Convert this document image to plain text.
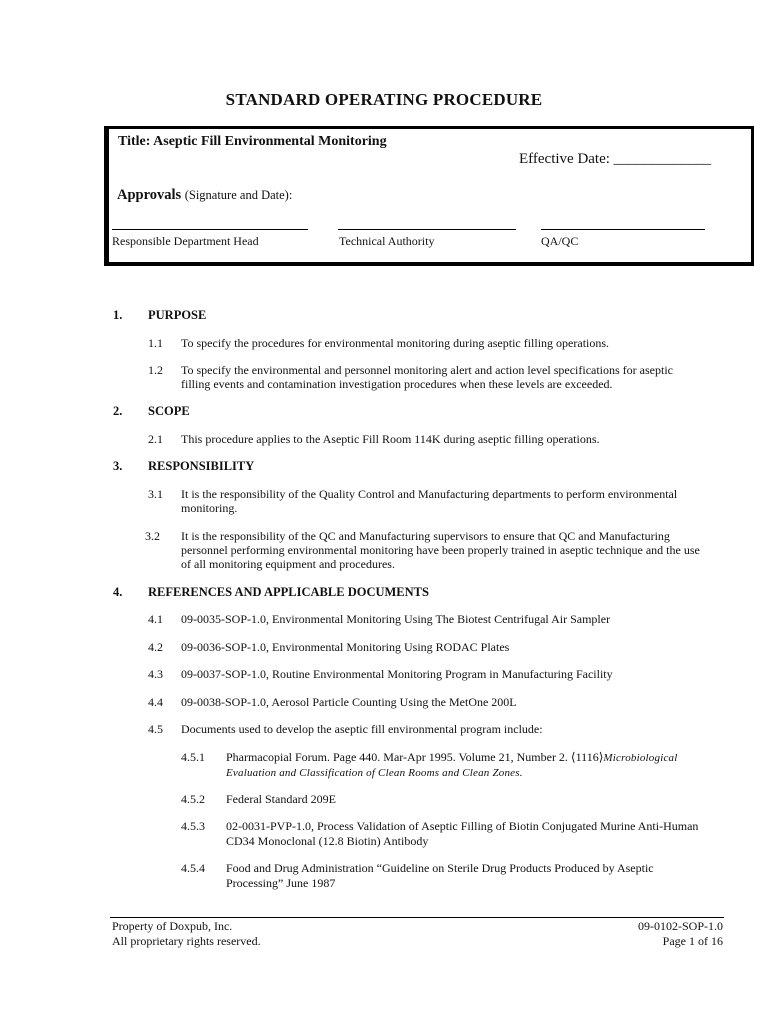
STANDARD OPERATING PROCEDURE
Title: Aseptic Fill Environmental Monitoring
Effective Date: _____________
Approvals (Signature and Date):
Responsible Department Head	Technical Authority	QA/QC
1. PURPOSE
1.1 To specify the procedures for environmental monitoring during aseptic filling operations.
1.2 To specify the environmental and personnel monitoring alert and action level specifications for aseptic
filling events and contamination investigation procedures when these levels are exceeded.
2. SCOPE
2.1 This procedure applies to the Aseptic Fill Room 114K during aseptic filling operations.
3. RESPONSIBILITY
3.1 It is the responsibility of the Quality Control and Manufacturing departments to perform environmental
monitoring.
3.2 It is the responsibility of the QC and Manufacturing supervisors to ensure that QC and Manufacturing
personnel performing environmental monitoring have been properly trained in aseptic technique and the use
of all monitoring equipment and procedures.
4. REFERENCES AND APPLICABLE DOCUMENTS
4.1 09-0035-SOP-1.0, Environmental Monitoring Using The Biotest Centrifugal Air Sampler
4.2 09-0036-SOP-1.0, Environmental Monitoring Using RODAC Plates
4.3 09-0037-SOP-1.0, Routine Environmental Monitoring Program in Manufacturing Facility
4.4 09-0038-SOP-1.0, Aerosol Particle Counting Using the MetOne 200L
4.5 Documents used to develop the aseptic fill environmental program include:
4.5.1 Pharmacopial Forum. Page 440. Mar-Apr 1995. Volume 21, Number 2. ⟨1116⟩Microbiological
Evaluation and Classification of Clean Rooms and Clean Zones.
4.5.2 Federal Standard 209E
4.5.3 02-0031-PVP-1.0, Process Validation of Aseptic Filling of Biotin Conjugated Murine Anti-Human
CD34 Monoclonal (12.8 Biotin) Antibody
4.5.4 Food and Drug Administration “Guideline on Sterile Drug Products Produced by Aseptic
Processing” June 1987
Property of Doxpub, Inc.
All proprietary rights reserved.
09-0102-SOP-1.0
Page 1 of 16
